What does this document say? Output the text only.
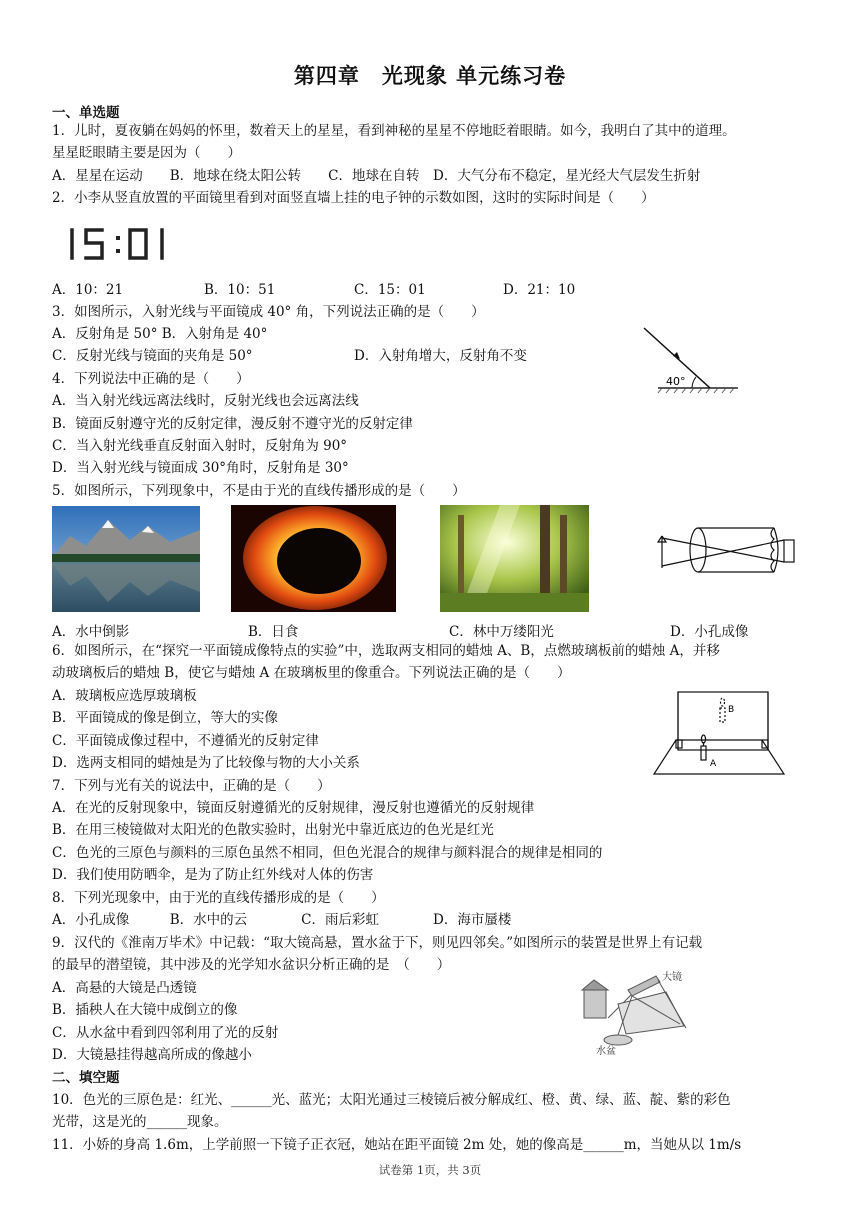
第四章　光现象 单元练习卷
一、单选题
1．儿时，夏夜躺在妈妈的怀里，数着天上的星星，看到神秘的星星不停地眨着眼睛。如今，我明白了其中的道理。
星星眨眼睛主要是因为（　　）
A．星星在运动　　B．地球在绕太阳公转　　C．地球在自转　D．大气分布不稳定，星光经大气层发生折射
2．小李从竖直放置的平面镜里看到对面竖直墙上挂的电子钟的示数如图，这时的实际时间是（　　）
A．10：21	B．10：51	C．15：01	D．21：10
3．如图所示，入射光线与平面镜成 40° 角，下列说法正确的是（　　）
A．反射角是 50° B．入射角是 40°
C．反射光线与镜面的夹角是 50°	D．入射角增大，反射角不变
40°
4．下列说法中正确的是（　　）
A．当入射光线远离法线时，反射光线也会远离法线
B．镜面反射遵守光的反射定律，漫反射不遵守光的反射定律
C．当入射光线垂直反射面入射时，反射角为 90°
D．当入射光线与镜面成 30°角时，反射角是 30°
5．如图所示，下列现象中，不是由于光的直线传播形成的是（　　）
A．水中倒影	B．日食	C．林中万缕阳光	D．小孔成像
6．如图所示，在“探究一平面镜成像特点的实验”中，选取两支相同的蜡烛 A、B，点燃玻璃板前的蜡烛 A，并移
动玻璃板后的蜡烛 B，使它与蜡烛 A 在玻璃板里的像重合。下列说法正确的是（　　）
A．玻璃板应选厚玻璃板
B．平面镜成的像是倒立，等大的实像
C．平面镜成像过程中，不遵循光的反射定律
D．选两支相同的蜡烛是为了比较像与物的大小关系	A
B
7．下列与光有关的说法中，正确的是（　　）
A．在光的反射现象中，镜面反射遵循光的反射规律，漫反射也遵循光的反射规律
B．在用三棱镜做对太阳光的色散实验时，出射光中靠近底边的色光是红光
C．色光的三原色与颜料的三原色虽然不相同，但色光混合的规律与颜料混合的规律是相同的
D．我们使用防晒伞，是为了防止红外线对人体的伤害
8．下列光现象中，由于光的直线传播形成的是（　　）
A．小孔成像　　　B．水中的云　　　　C．雨后彩虹　　　　D．海市蜃楼
9．汉代的《淮南万毕术》中记载：“取大镜高悬，置水盆于下，则见四邻矣。”如图所示的装置是世界上有记载
的最早的潜望镜，其中涉及的光学知水盆识分析正确的是　（　　）
A．高悬的大镜是凸透镜
B．插秧人在大镜中成倒立的像
C．从水盆中看到四邻利用了光的反射
D．大镜悬挂得越高所成的像越小
大镜
水盆
二、填空题
10．色光的三原色是：红光、______光、蓝光；太阳光通过三棱镜后被分解成红、橙、黄、绿、蓝、靛、紫的彩色
光带，这是光的______现象。
11．小娇的身高 1.6m，上学前照一下镜子正衣冠，她站在距平面镜 2m 处，她的像高是______m，当她从以 1m/s
试卷第 1页，共 3页
